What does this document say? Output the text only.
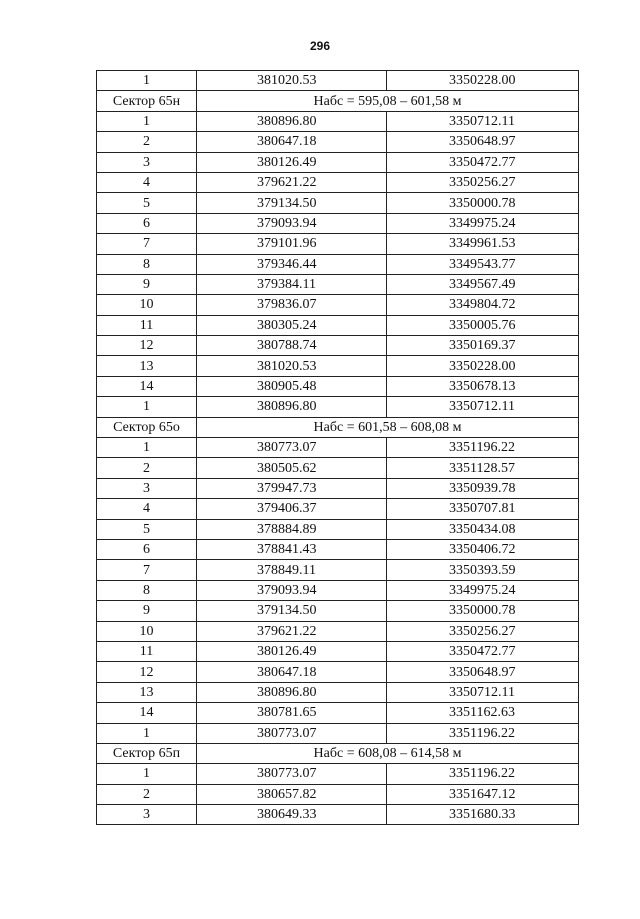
296
1	381020.53	3350228.00
Сектор 65н	Набс = 595,08 – 601,58 м	
1	380896.80	3350712.11
2	380647.18	3350648.97
3	380126.49	3350472.77
4	379621.22	3350256.27
5	379134.50	3350000.78
6	379093.94	3349975.24
7	379101.96	3349961.53
8	379346.44	3349543.77
9	379384.11	3349567.49
10	379836.07	3349804.72
11	380305.24	3350005.76
12	380788.74	3350169.37
13	381020.53	3350228.00
14	380905.48	3350678.13
1	380896.80	3350712.11
Сектор 65о	Набс = 601,58 – 608,08 м	
1	380773.07	3351196.22
2	380505.62	3351128.57
3	379947.73	3350939.78
4	379406.37	3350707.81
5	378884.89	3350434.08
6	378841.43	3350406.72
7	378849.11	3350393.59
8	379093.94	3349975.24
9	379134.50	3350000.78
10	379621.22	3350256.27
11	380126.49	3350472.77
12	380647.18	3350648.97
13	380896.80	3350712.11
14	380781.65	3351162.63
1	380773.07	3351196.22
Сектор 65п	Набс = 608,08 – 614,58 м	
1	380773.07	3351196.22
2	380657.82	3351647.12
3	380649.33	3351680.33
